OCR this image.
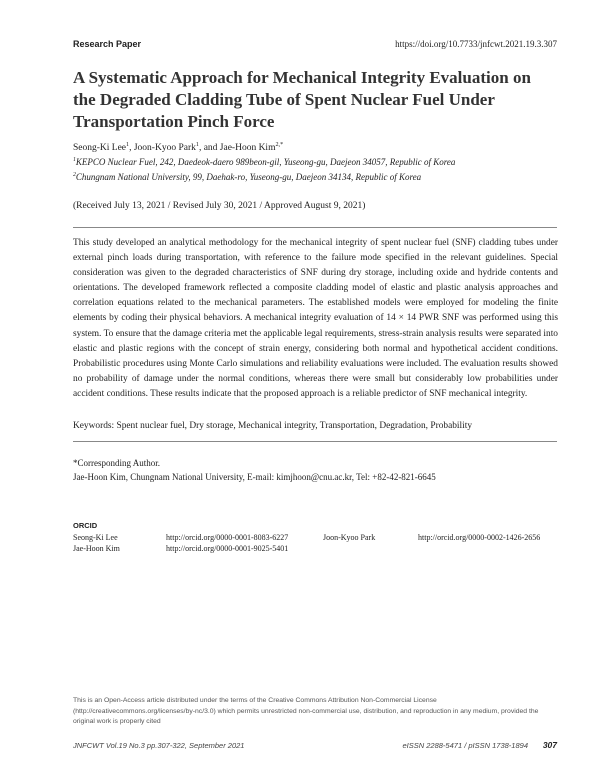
Research Paper	https://doi.org/10.7733/jnfcwt.2021.19.3.307
A Systematic Approach for Mechanical Integrity Evaluation on the Degraded Cladding Tube of Spent Nuclear Fuel Under Transportation Pinch Force
Seong-Ki Lee$^1$, Joon-Kyoo Park$^1$, and Jae-Hoon Kim$^{2,*}$
$^1$KEPCO Nuclear Fuel, 242, Daedeok-daero 989beon-gil, Yuseong-gu, Daejeon 34057, Republic of Korea
$^2$Chungnam National University, 99, Daehak-ro, Yuseong-gu, Daejeon 34134, Republic of Korea
(Received July 13, 2021 / Revised July 30, 2021 / Approved August 9, 2021)
This study developed an analytical methodology for the mechanical integrity of spent nuclear fuel (SNF) cladding tubes under external pinch loads during transportation, with reference to the failure mode specified in the relevant guidelines. Special consideration was given to the degraded characteristics of SNF during dry storage, including oxide and hydride contents and orientations. The developed framework reflected a composite cladding model of elastic and plastic analysis approaches and correlation equations related to the mechanical parameters. The established models were employed for modeling the finite elements by coding their physical behaviors. A mechanical integrity evaluation of 14 × 14 PWR SNF was performed using this system. To ensure that the damage criteria met the applicable legal requirements, stress-strain analysis results were separated into elastic and plastic regions with the concept of strain energy, considering both normal and hypothetical accident conditions. Probabilistic procedures using Monte Carlo simulations and reliability evaluations were included. The evaluation results showed no probability of damage under the normal conditions, whereas there were small but considerably low probabilities under accident conditions. These results indicate that the proposed approach is a reliable predictor of SNF mechanical integrity.
Keywords: Spent nuclear fuel, Dry storage, Mechanical integrity, Transportation, Degradation, Probability
*Corresponding Author.
Jae-Hoon Kim, Chungnam National University, E-mail: kimjhoon@cnu.ac.kr, Tel: +82-42-821-6645
ORCID
Seong-Ki Lee	http://orcid.org/0000-0001-8083-6227	Joon-Kyoo Park	http://orcid.org/0000-0002-1426-2656
Jae-Hoon Kim	http://orcid.org/0000-0001-9025-5401
This is an Open-Access article distributed under the terms of the Creative Commons Attribution Non-Commercial License (http://creativecommons.org/licenses/by-nc/3.0) which permits unrestricted non-commercial use, distribution, and reproduction in any medium, provided the original work is properly cited
JNFCWT Vol.19 No.3 pp.307-322, September 2021	eISSN 2288-5471 / pISSN 1738-1894 307
